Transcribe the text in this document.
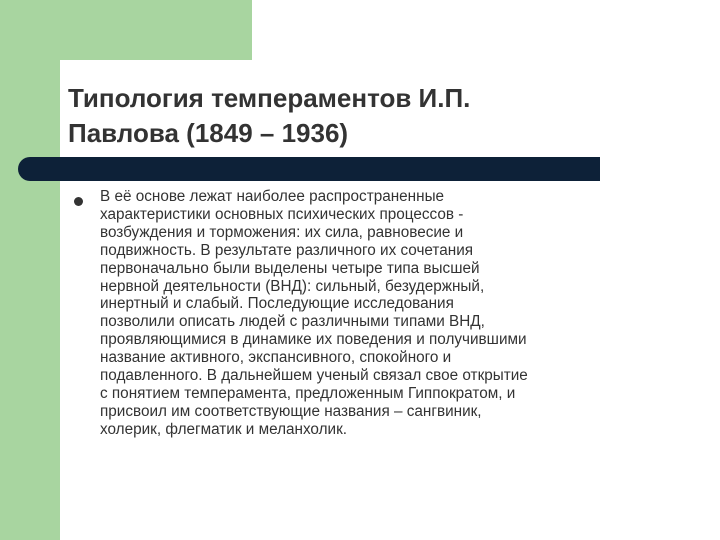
Типология темпераментов И.П.
Павлова (1849 – 1936)

В её основе лежат наиболее распространенные
характеристики основных психических процессов -
возбуждения и торможения: их сила, равновесие и
подвижность. В результате различного их сочетания
первоначально были выделены четыре типа высшей
нервной деятельности (ВНД): сильный, безудержный,
инертный и слабый. Последующие исследования
позволили описать людей с различными типами ВНД,
проявляющимися в динамике их поведения и получившими
название активного, экспансивного, спокойного и
подавленного. В дальнейшем ученый связал свое открытие
с понятием темперамента, предложенным Гиппократом, и
присвоил им соответствующие названия – сангвиник,
холерик, флегматик и меланхолик.
